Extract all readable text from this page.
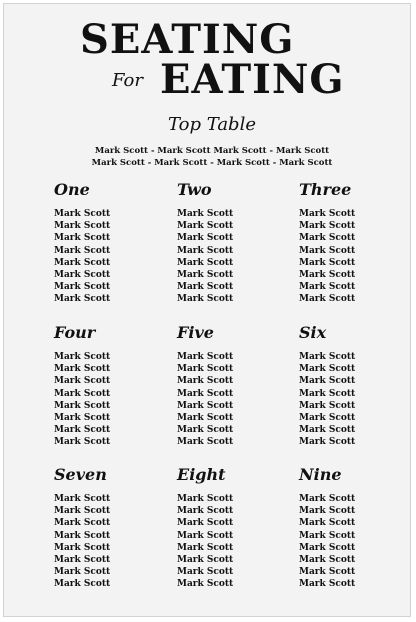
SEATING
For EATING
Top Table
Mark Scott - Mark Scott Mark Scott - Mark Scott
Mark Scott - Mark Scott - Mark Scott - Mark Scott
One
Mark Scott
Mark Scott
Mark Scott
Mark Scott
Mark Scott
Mark Scott
Mark Scott
Mark Scott
Two
Mark Scott
Mark Scott
Mark Scott
Mark Scott
Mark Scott
Mark Scott
Mark Scott
Mark Scott
Three
Mark Scott
Mark Scott
Mark Scott
Mark Scott
Mark Scott
Mark Scott
Mark Scott
Mark Scott
Four
Mark Scott
Mark Scott
Mark Scott
Mark Scott
Mark Scott
Mark Scott
Mark Scott
Mark Scott
Five
Mark Scott
Mark Scott
Mark Scott
Mark Scott
Mark Scott
Mark Scott
Mark Scott
Mark Scott
Six
Mark Scott
Mark Scott
Mark Scott
Mark Scott
Mark Scott
Mark Scott
Mark Scott
Mark Scott
Seven
Mark Scott
Mark Scott
Mark Scott
Mark Scott
Mark Scott
Mark Scott
Mark Scott
Mark Scott
Eight
Mark Scott
Mark Scott
Mark Scott
Mark Scott
Mark Scott
Mark Scott
Mark Scott
Mark Scott
Nine
Mark Scott
Mark Scott
Mark Scott
Mark Scott
Mark Scott
Mark Scott
Mark Scott
Mark Scott
